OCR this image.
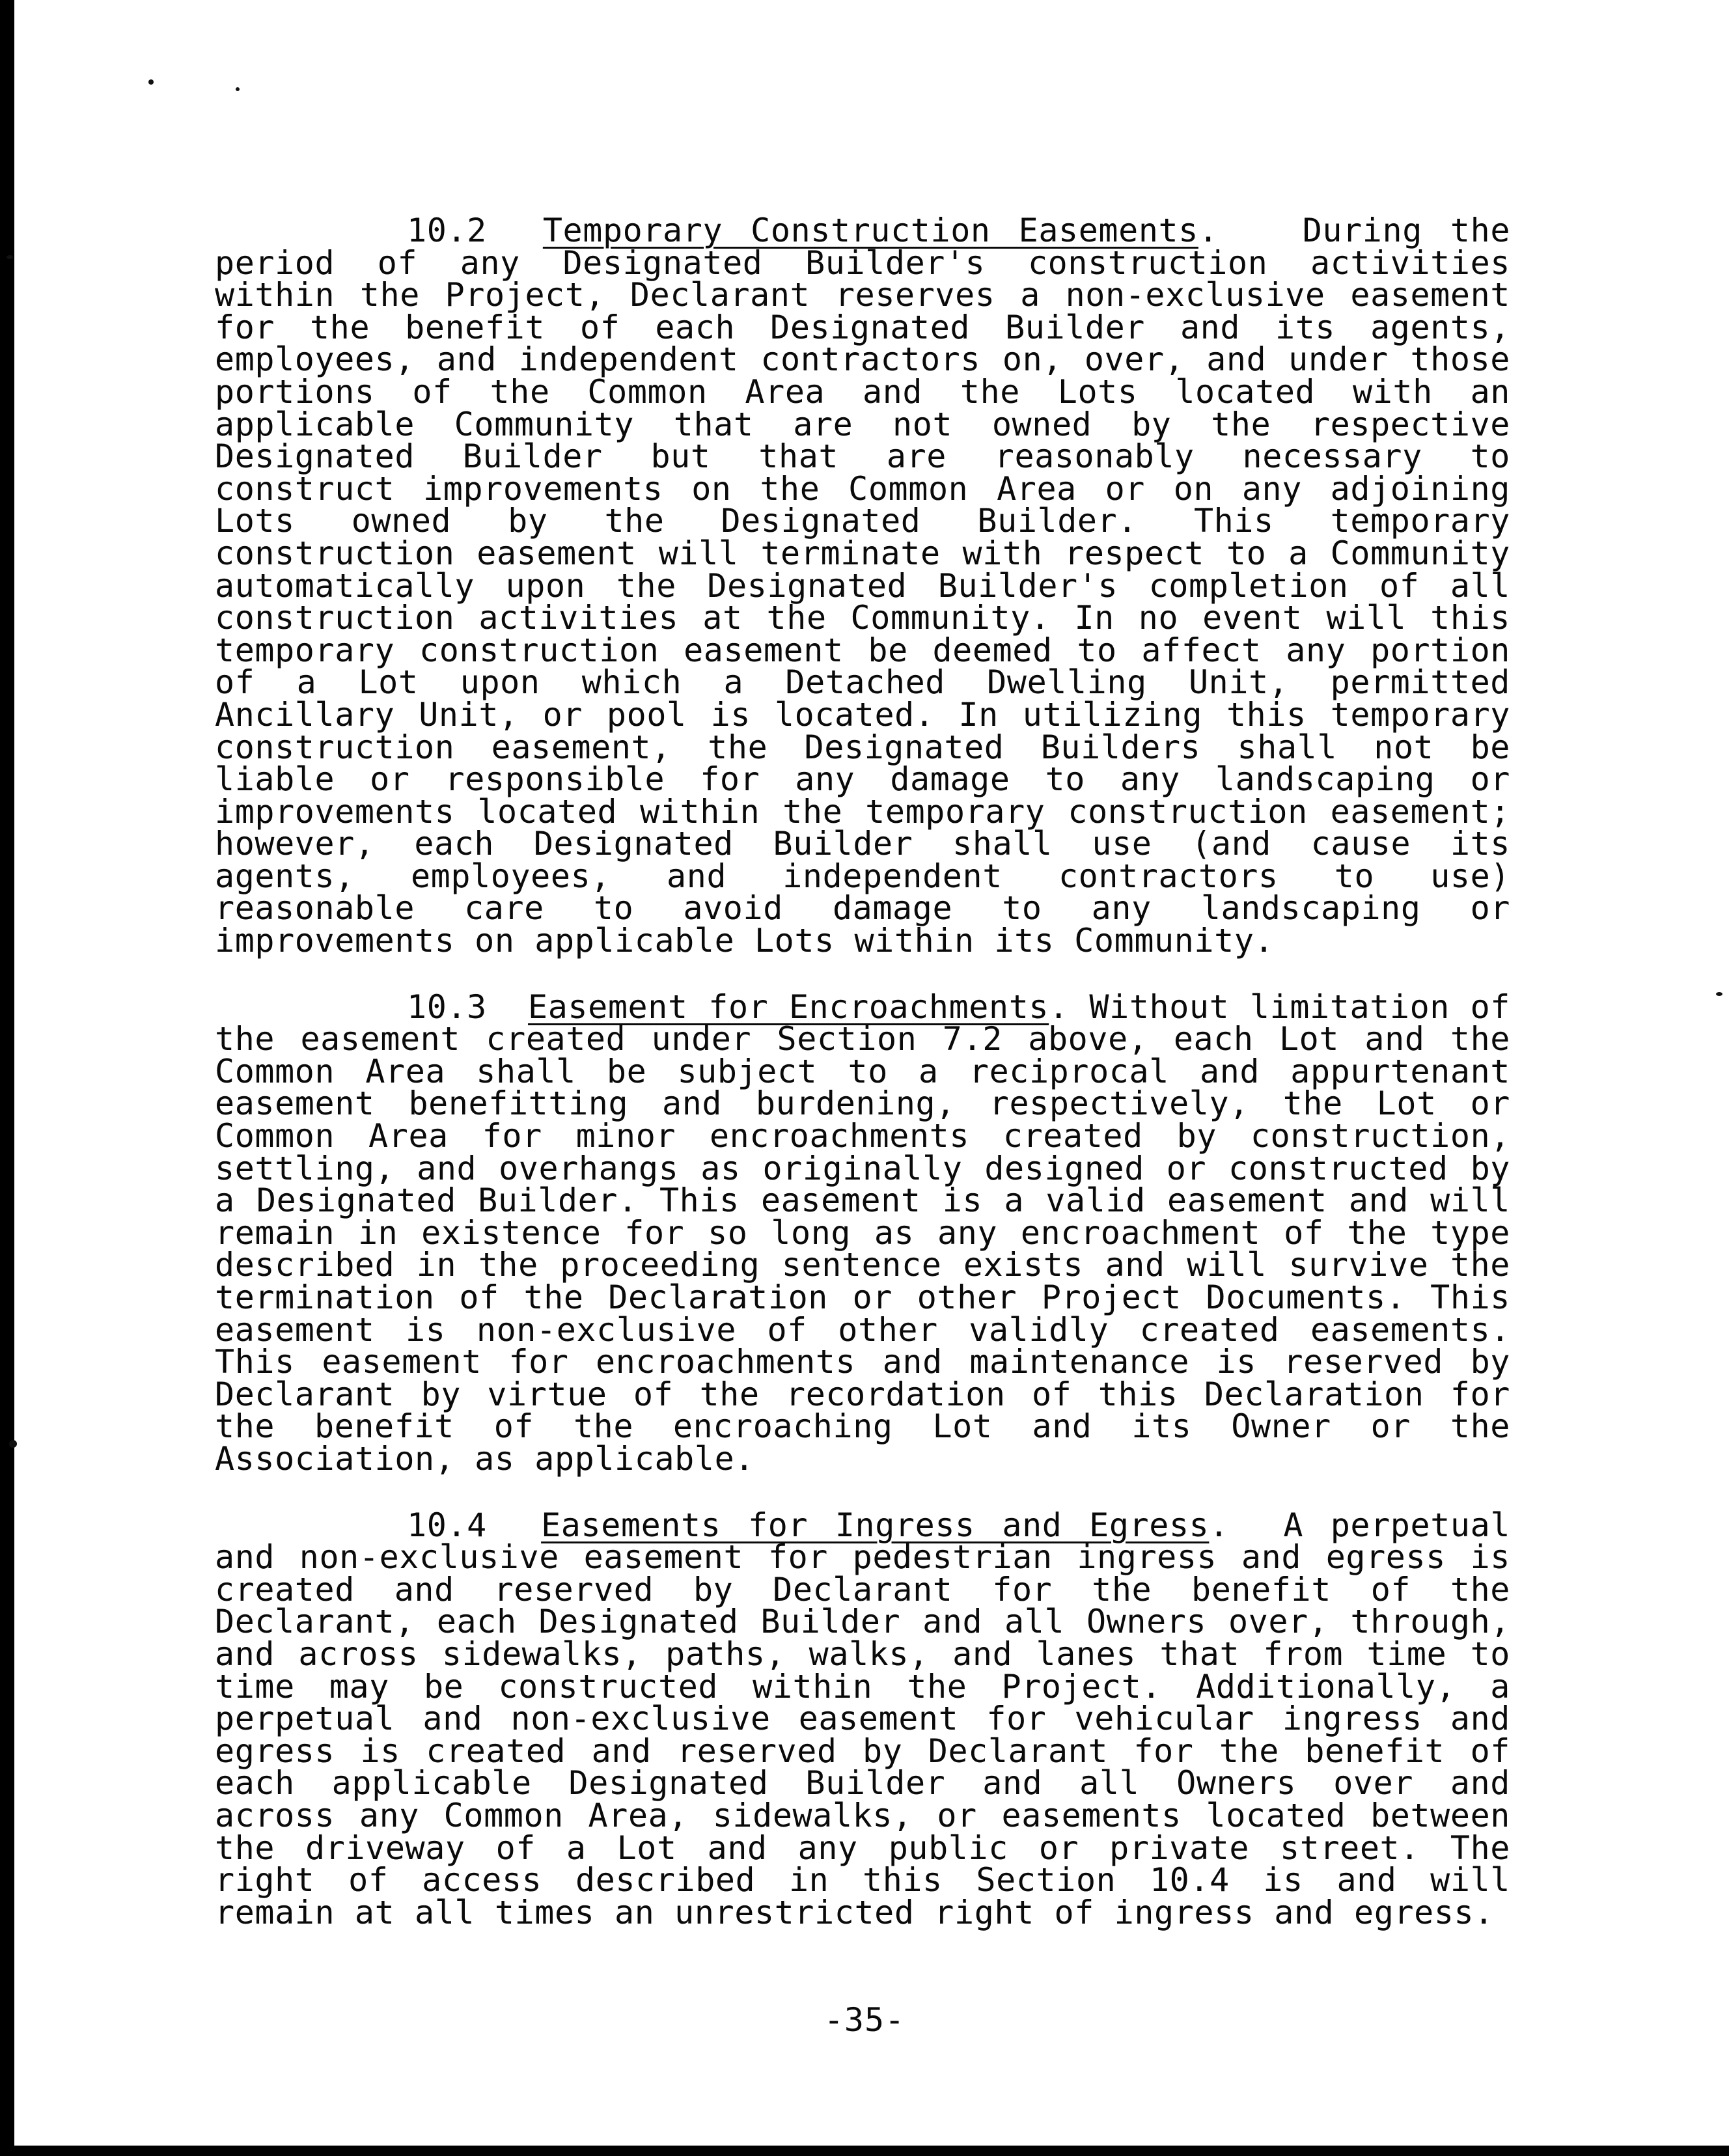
10.2 Temporary Construction Easements.	During the period of any Designated Builder's construction activities within the Project, Declarant reserves a non-exclusive easement for the benefit of each Designated Builder and its agents, employees, and independent contractors on, over, and under those portions of the Common Area and the Lots located with an applicable Community that are not owned by the respective Designated Builder but that are reasonably necessary to construct improvements on the Common Area or on any adjoining Lots owned by the Designated Builder. This temporary construction easement will terminate with respect to a Community automatically upon the Designated Builder's completion of all construction activities at the Community. In no event will this temporary construction easement be deemed to affect any portion of a Lot upon which a Detached Dwelling Unit, permitted Ancillary Unit, or pool is located. In utilizing this temporary construction easement, the Designated Builders shall not be liable or responsible for any damage to any landscaping or improvements located within the temporary construction easement; however, each Designated Builder shall use (and cause its agents, employees, and independent contractors to use) reasonable care to avoid damage to any landscaping or improvements on applicable Lots within its Community.

10.3 Easement for Encroachments. Without limitation of the easement created under Section 7.2 above, each Lot and the Common Area shall be subject to a reciprocal and appurtenant easement benefitting and burdening, respectively, the Lot or Common Area for minor encroachments created by construction, settling, and overhangs as originally designed or constructed by a Designated Builder. This easement is a valid easement and will remain in existence for so long as any encroachment of the type described in the proceeding sentence exists and will survive the termination of the Declaration or other Project Documents. This easement is non-exclusive of other validly created easements. This easement for encroachments and maintenance is reserved by Declarant by virtue of the recordation of this Declaration for the benefit of the encroaching Lot and its Owner or the Association, as applicable.

10.4 Easements for Ingress and Egress. A perpetual and non-exclusive easement for pedestrian ingress and egress is created and reserved by Declarant for the benefit of the Declarant, each Designated Builder and all Owners over, through, and across sidewalks, paths, walks, and lanes that from time to time may be constructed within the Project. Additionally, a perpetual and non-exclusive easement for vehicular ingress and egress is created and reserved by Declarant for the benefit of each applicable Designated Builder and all Owners over and across any Common Area, sidewalks, or easements located between the driveway of a Lot and any public or private street. The right of access described in this Section 10.4 is and will remain at all times an unrestricted right of ingress and egress.

-35-
